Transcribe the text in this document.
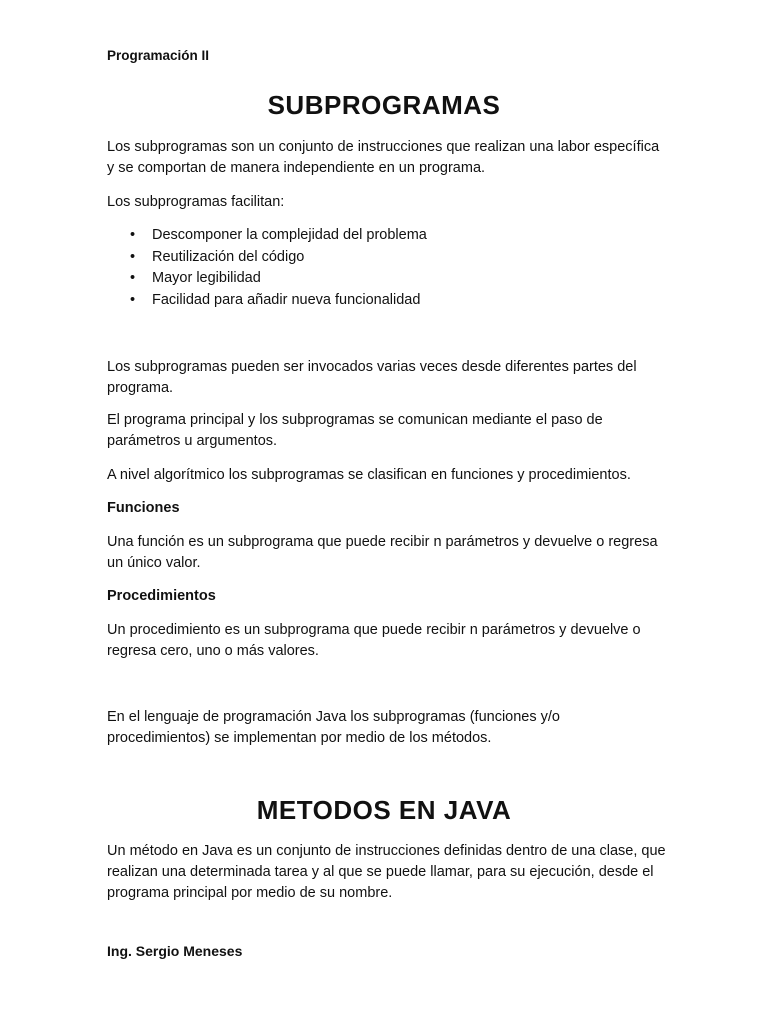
Programación II

SUBPROGRAMAS

Los subprogramas son un conjunto de instrucciones que realizan una labor específica y se comportan de manera independiente en un programa.

Los subprogramas facilitan:

• Descomponer la complejidad del problema
• Reutilización del código
• Mayor legibilidad
• Facilidad para añadir nueva funcionalidad

Los subprogramas pueden ser invocados varias veces desde diferentes partes del programa.

El programa principal y los subprogramas se comunican mediante el paso de parámetros u argumentos.

A nivel algorítmico los subprogramas se clasifican en funciones y procedimientos.

Funciones

Una función es un subprograma que puede recibir n parámetros y devuelve o regresa un único valor.

Procedimientos

Un procedimiento es un subprograma que puede recibir n parámetros y devuelve o regresa cero, uno o más valores.

En el lenguaje de programación Java los subprogramas (funciones y/o procedimientos) se implementan por medio de los métodos.

METODOS EN JAVA

Un método en Java es un conjunto de instrucciones definidas dentro de una clase, que realizan una determinada tarea y al que se puede llamar, para su ejecución, desde el programa principal por medio de su nombre.

Ing. Sergio Meneses
